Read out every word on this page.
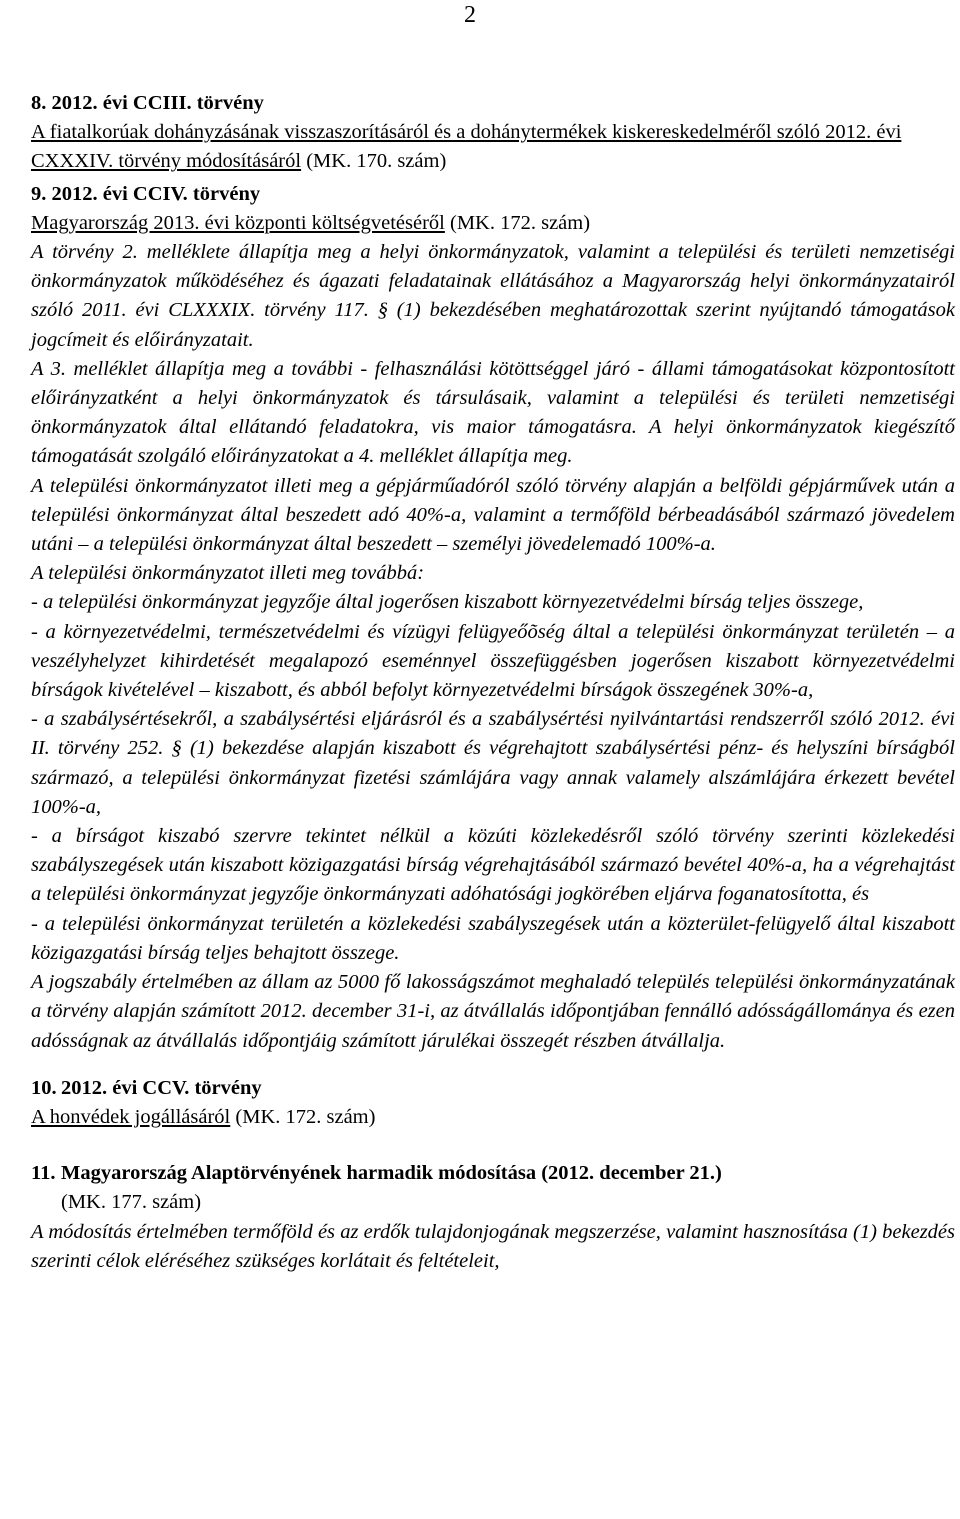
2
8. 2012. évi CCIII. törvény
A fiatalkorúak dohányzásának visszaszorításáról és a dohánytermékek kiskereskedelméről szóló 2012. évi CXXXIV. törvény módosításáról (MK. 170. szám)
9. 2012. évi CCIV. törvény
Magyarország 2013. évi központi költségvetéséről (MK. 172. szám)
A törvény 2. melléklete állapítja meg a helyi önkormányzatok, valamint a települési és területi nemzetiségi önkormányzatok működéséhez és ágazati feladatainak ellátásához a Magyarország helyi önkormányzatairól szóló 2011. évi CLXXXIX. törvény 117. § (1) bekezdésében meghatározottak szerint nyújtandó támogatások jogcímeit és előirányzatait.
A 3. melléklet állapítja meg a további - felhasználási kötöttséggel járó - állami támogatásokat központosított előirányzatként a helyi önkormányzatok és társulásaik, valamint a települési és területi nemzetiségi önkormányzatok által ellátandó feladatokra, vis maior támogatásra. A helyi önkormányzatok kiegészítő támogatását szolgáló előirányzatokat a 4. melléklet állapítja meg.
A települési önkormányzatot illeti meg a gépjárműadóról szóló törvény alapján a belföldi gépjárművek után a települési önkormányzat által beszedett adó 40%-a, valamint a termőföld bérbeadásából származó jövedelem utáni – a települési önkormányzat által beszedett – személyi jövedelemadó 100%-a.
A települési önkormányzatot illeti meg továbbá:
- a települési önkormányzat jegyzője által jogerősen kiszabott környezetvédelmi bírság teljes összege,
- a környezetvédelmi, természetvédelmi és vízügyi felügyeőõség által a települési önkormányzat területén – a veszélyhelyzet kihirdetését megalapozó eseménnyel összefüggésben jogerősen kiszabott környezetvédelmi bírságok kivételével – kiszabott, és abból befolyt környezetvédelmi bírságok összegének 30%-a,
- a szabálysértésekről, a szabálysértési eljárásról és a szabálysértési nyilvántartási rendszerről szóló 2012. évi II. törvény 252. § (1) bekezdése alapján kiszabott és végrehajtott szabálysértési pénz- és helyszíni bírságból származó, a települési önkormányzat fizetési számlájára vagy annak valamely alszámlájára érkezett bevétel 100%-a,
- a bírságot kiszabó szervre tekintet nélkül a közúti közlekedésről szóló törvény szerinti közlekedési szabályszegések után kiszabott közigazgatási bírság végrehajtásából származó bevétel 40%-a, ha a végrehajtást a települési önkormányzat jegyzője önkormányzati adóhatósági jogkörében eljárva foganatosította, és
- a települési önkormányzat területén a közlekedési szabályszegések után a közterület-felügyelő által kiszabott közigazgatási bírság teljes behajtott összege.
A jogszabály értelmében az állam az 5000 fő lakosságszámot meghaladó település települési önkormányzatának a törvény alapján számított 2012. december 31-i, az átvállalás időpontjában fennálló adósságállománya és ezen adósságnak az átvállalás időpontjáig számított járulékai összegét részben átvállalja.
10. 2012. évi CCV. törvény
A honvédek jogállásáról (MK. 172. szám)
11. Magyarország Alaptörvényének harmadik módosítása (2012. december 21.)
(MK. 177. szám)
A módosítás értelmében termőföld és az erdők tulajdonjogának megszerzése, valamint hasznosítása (1) bekezdés szerinti célok eléréséhez szükséges korlátait és feltételeit,
